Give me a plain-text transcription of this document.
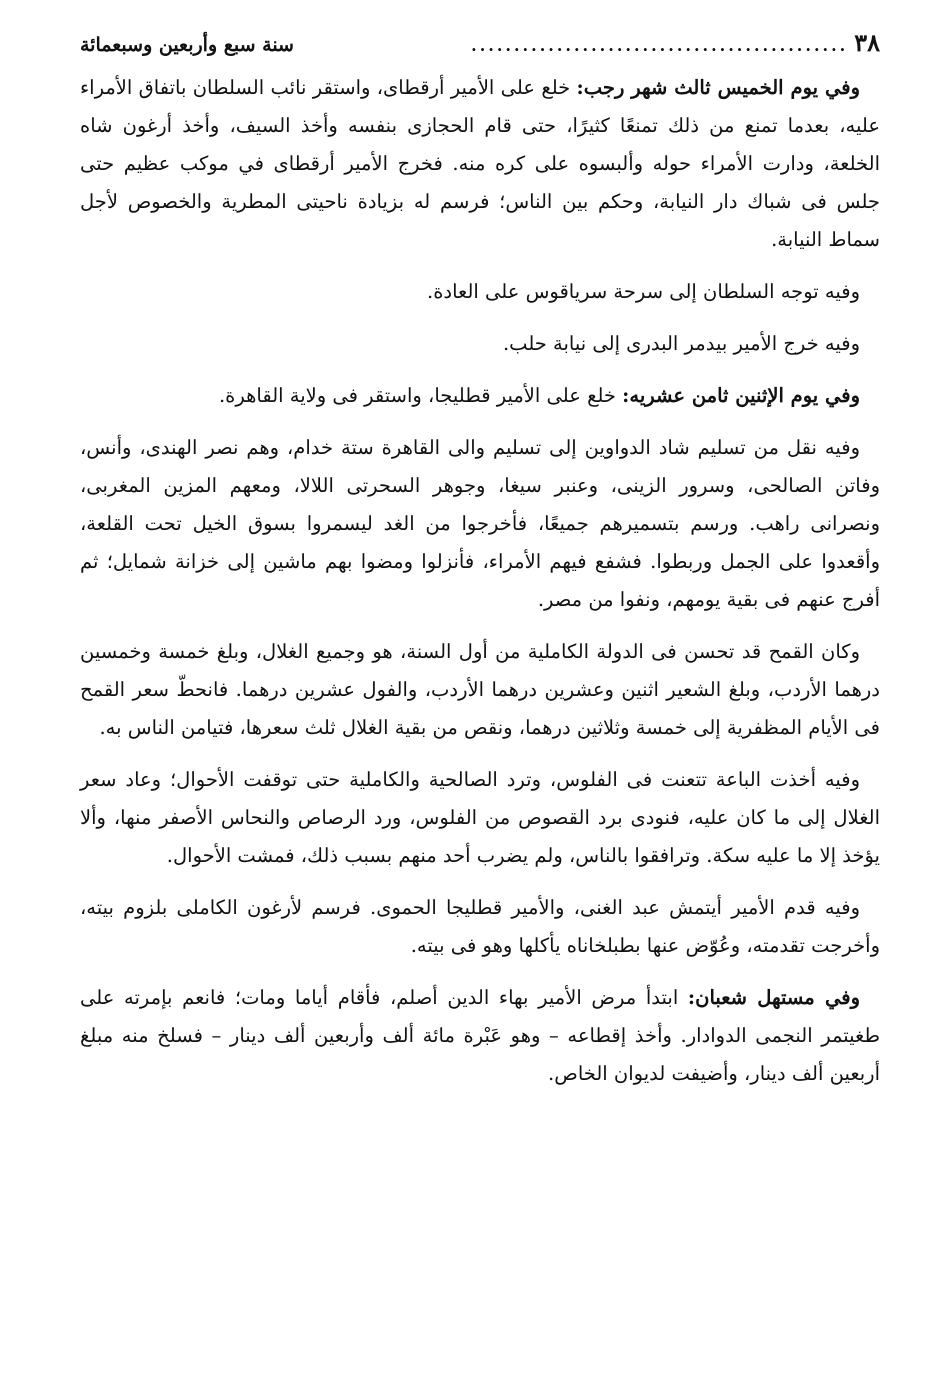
٣٨
............................................
سنة سبع وأربعين وسبعمائة

وفي يوم الخميس ثالث شهر رجب: خلع على الأمير أرقطاى، واستقر نائب السلطان باتفاق الأمراء عليه، بعدما تمنع من ذلك تمنعًا كثيرًا، حتى قام الحجازى بنفسه وأخذ السيف، وأخذ أرغون شاه الخلعة، ودارت الأمراء حوله وألبسوه على كره منه. فخرج الأمير أرقطاى في موكب عظيم حتى جلس فى شباك دار النيابة، وحكم بين الناس؛ فرسم له بزيادة ناحيتى المطرية والخصوص لأجل سماط النيابة.

وفيه توجه السلطان إلى سرحة سرياقوس على العادة.

وفيه خرج الأمير بيدمر البدرى إلى نيابة حلب.

وفي يوم الإثنين ثامن عشريه: خلع على الأمير قطليجا، واستقر فى ولاية القاهرة.

وفيه نقل من تسليم شاد الدواوين إلى تسليم والى القاهرة ستة خدام، وهم نصر الهندى، وأنس، وفاتن الصالحى، وسرور الزينى، وعنبر سيغا، وجوهر السحرتى اللالا، ومعهم المزين المغربى، ونصرانى راهب. ورسم بتسميرهم جميعًا، فأخرجوا من الغد ليسمروا بسوق الخيل تحت القلعة، وأقعدوا على الجمل وربطوا. فشفع فيهم الأمراء، فأنزلوا ومضوا بهم ماشين إلى خزانة شمايل؛ ثم أفرج عنهم فى بقية يومهم، ونفوا من مصر.

وكان القمح قد تحسن فى الدولة الكاملية من أول السنة، هو وجميع الغلال، وبلغ خمسة وخمسين درهما الأردب، وبلغ الشعير اثنين وعشرين درهما الأردب، والفول عشرين درهما. فانحطّ سعر القمح فى الأيام المظفرية إلى خمسة وثلاثين درهما، ونقص من بقية الغلال ثلث سعرها، فتيامن الناس به.

وفيه أخذت الباعة تتعنت فى الفلوس، وترد الصالحية والكاملية حتى توقفت الأحوال؛ وعاد سعر الغلال إلى ما كان عليه، فنودى برد القصوص من الفلوس، ورد الرصاص والنحاس الأصفر منها، وألا يؤخذ إلا ما عليه سكة. وترافقوا بالناس، ولم يضرب أحد منهم بسبب ذلك، فمشت الأحوال.

وفيه قدم الأمير أيتمش عبد الغنى، والأمير قطليجا الحموى. فرسم لأرغون الكاملى بلزوم بيته، وأخرجت تقدمته، وعُوّض عنها بطبلخاناه يأكلها وهو فى بيته.

وفي مستهل شعبان: ابتدأ مرض الأمير بهاء الدين أصلم، فأقام أياما ومات؛ فانعم بإمرته على طغيتمر النجمى الدوادار. وأخذ إقطاعه – وهو عَبْرة مائة ألف وأربعين ألف دينار – فسلخ منه مبلغ أربعين ألف دينار، وأضيفت لديوان الخاص.
